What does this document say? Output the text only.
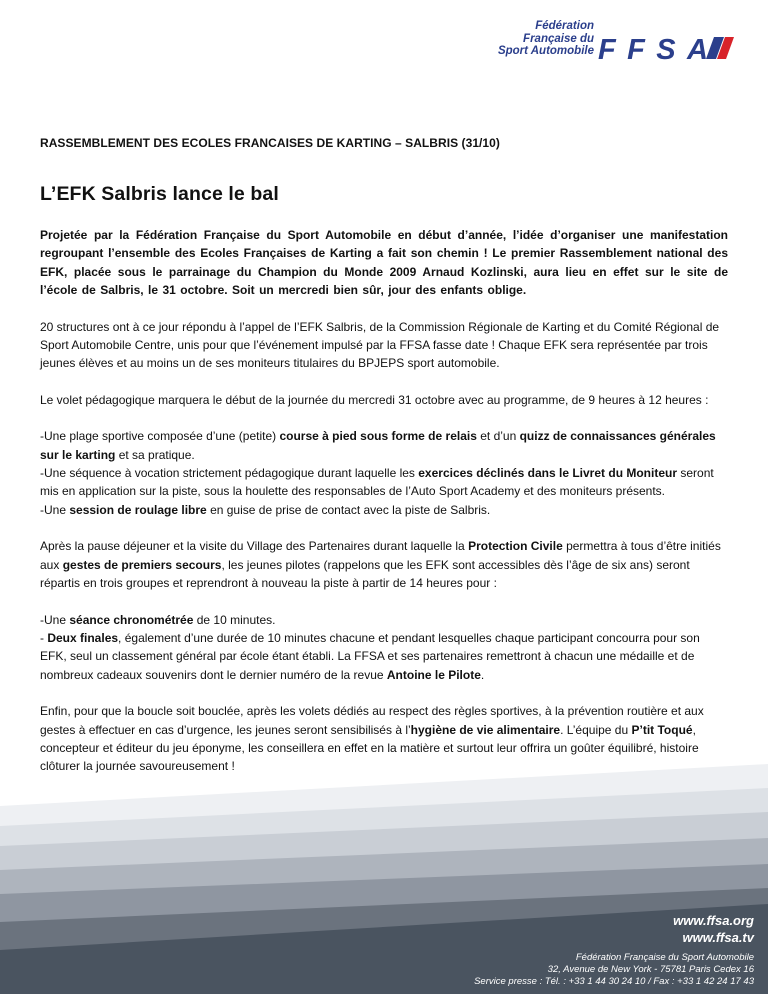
Fédération
Française du
Sport Automobile FFSA

RASSEMBLEMENT DES ECOLES FRANCAISES DE KARTING – SALBRIS (31/10)

L’EFK Salbris lance le bal

Projetée par la Fédération Française du Sport Automobile en début d’année, l’idée d’organiser une manifestation regroupant l’ensemble des Ecoles Françaises de Karting a fait son chemin ! Le premier Rassemblement national des EFK, placée sous le parrainage du Champion du Monde 2009 Arnaud Kozlinski, aura lieu en effet sur le site de l’école de Salbris, le 31 octobre. Soit un mercredi bien sûr, jour des enfants oblige.

20 structures ont à ce jour répondu à l’appel de l’EFK Salbris, de la Commission Régionale de Karting et du Comité Régional de Sport Automobile Centre, unis pour que l’événement impulsé par la FFSA fasse date ! Chaque EFK sera représentée par trois jeunes élèves et au moins un de ses moniteurs titulaires du BPJEPS sport automobile.

Le volet pédagogique marquera le début de la journée du mercredi 31 octobre avec au programme, de 9 heures à 12 heures :

-Une plage sportive composée d’une (petite) course à pied sous forme de relais et d’un quizz de connaissances générales sur le karting et sa pratique.
-Une séquence à vocation strictement pédagogique durant laquelle les exercices déclinés dans le Livret du Moniteur seront mis en application sur la piste, sous la houlette des responsables de l’Auto Sport Academy et des moniteurs présents.
-Une session de roulage libre en guise de prise de contact avec la piste de Salbris.

Après la pause déjeuner et la visite du Village des Partenaires durant laquelle la Protection Civile permettra à tous d’être initiés aux gestes de premiers secours, les jeunes pilotes (rappelons que les EFK sont accessibles dès l’âge de six ans) seront répartis en trois groupes et reprendront à nouveau la piste à partir de 14 heures pour :

-Une séance chronométrée de 10 minutes.
- Deux finales, également d’une durée de 10 minutes chacune et pendant lesquelles chaque participant concourra pour son EFK, seul un classement général par école étant établi. La FFSA et ses partenaires remettront à chacun une médaille et de nombreux cadeaux souvenirs dont le dernier numéro de la revue Antoine le Pilote.

Enfin, pour que la boucle soit bouclée, après les volets dédiés au respect des règles sportives, à la prévention routière et aux gestes à effectuer en cas d’urgence, les jeunes seront sensibilisés à l’hygiène de vie alimentaire. L’équipe du P’tit Toqué, concepteur et éditeur du jeu éponyme, les conseillera en effet en la matière et surtout leur offrira un goûter équilibré, histoire clôturer la journée savoureusement !

www.ffsa.org
www.ffsa.tv
Fédération Française du Sport Automobile
32, Avenue de New York - 75781 Paris Cedex 16
Service presse : Tél. : +33 1 44 30 24 10 / Fax : +33 1 42 24 17 43
